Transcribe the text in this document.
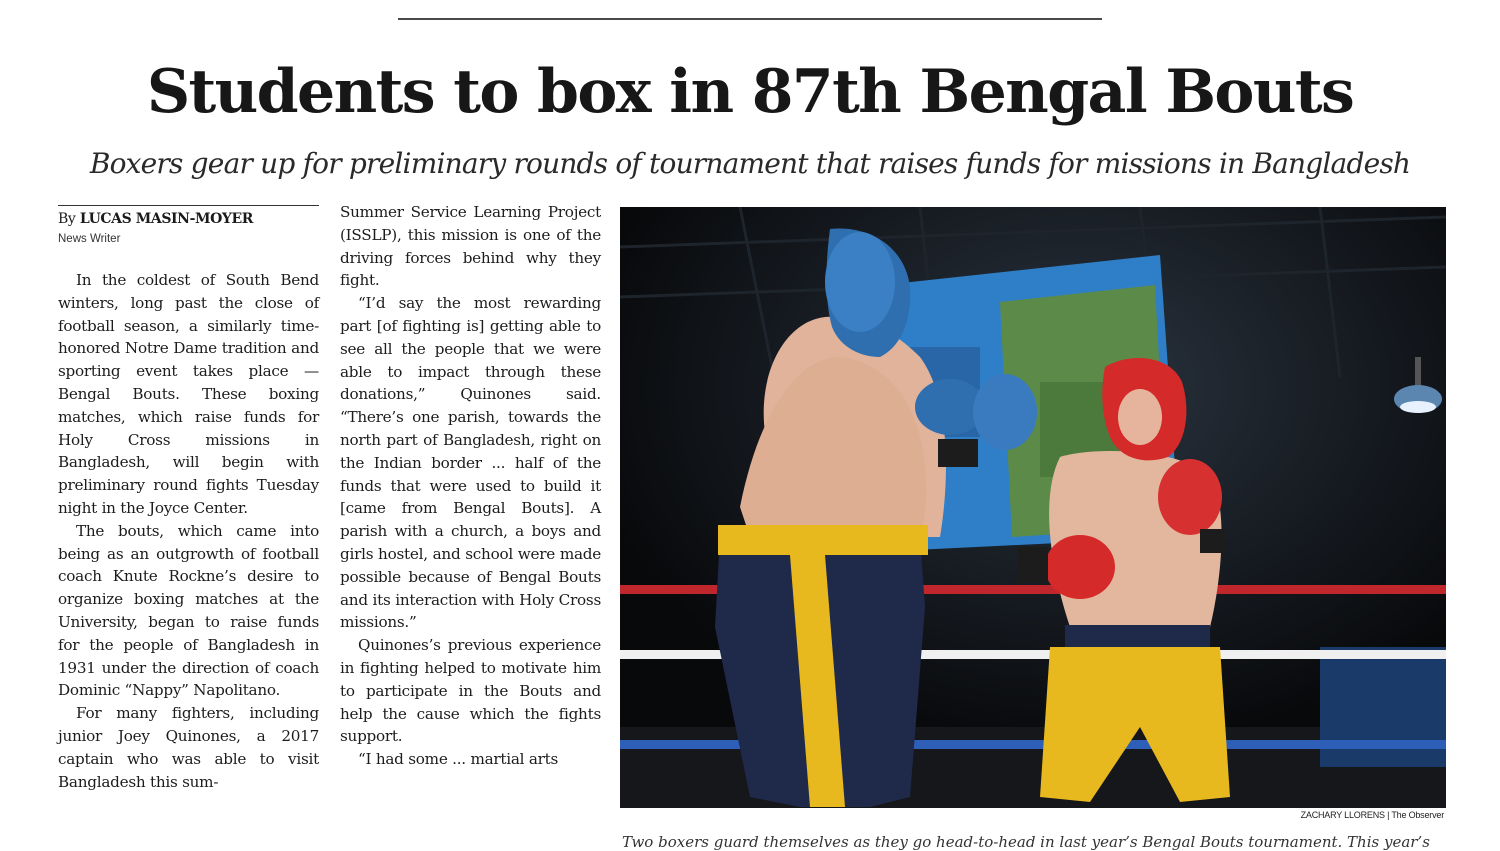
Students to box in 87th Bengal Bouts
Boxers gear up for preliminary rounds of tournament that raises funds for missions in Bangladesh
By LUCAS MASIN-MOYER
News Writer

In the coldest of South Bend winters, long past the close of football season, a similarly time-honored Notre Dame tradition and sporting event takes place — Bengal Bouts. These boxing matches, which raise funds for Holy Cross missions in Bangladesh, will begin with preliminary round fights Tuesday night in the Joyce Center.

The bouts, which came into being as an outgrowth of football coach Knute Rockne’s desire to organize boxing matches at the University, began to raise funds for the people of Bangladesh in 1931 under the direction of coach Dominic “Nappy” Napolitano.

For many fighters, including junior Joey Quinones, a 2017 captain who was able to visit Bangladesh this sum-

Summer Service Learning Project (ISSLP), this mission is one of the driving forces behind why they fight.

“I’d say the most rewarding part [of fighting is] getting able to see all the people that we were able to impact through these donations,” Quinones said. “There’s one parish, towards the north part of Bangladesh, right on the Indian border ... half of the funds that were used to build it [came from Bengal Bouts]. A parish with a church, a boys and girls hostel, and school were made possible because of Bengal Bouts and its interaction with Holy Cross missions.”

Quinones’s previous experience in fighting helped to motivate him to participate in the Bouts and help the cause which the fights support.

“I had some ... martial arts

ZACHARY LLORENS | The Observer
Two boxers guard themselves as they go head-to-head in last year’s Bengal Bouts tournament. This year’s
